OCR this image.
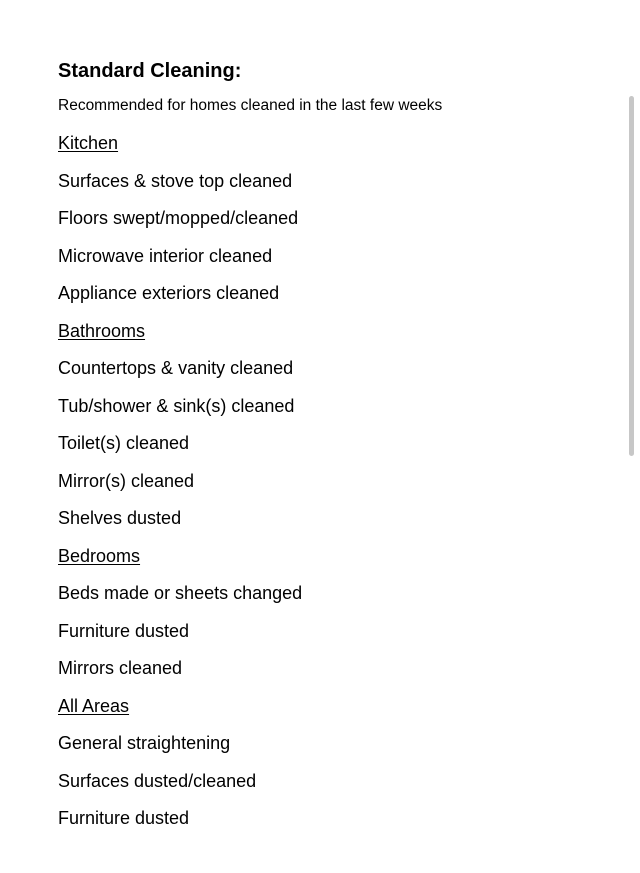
Standard Cleaning:

Recommended for homes cleaned in the last few weeks

Kitchen
Surfaces & stove top cleaned
Floors swept/mopped/cleaned
Microwave interior cleaned
Appliance exteriors cleaned
Bathrooms
Countertops & vanity cleaned
Tub/shower & sink(s) cleaned
Toilet(s) cleaned
Mirror(s) cleaned
Shelves dusted
Bedrooms
Beds made or sheets changed
Furniture dusted
Mirrors cleaned
All Areas
General straightening
Surfaces dusted/cleaned
Furniture dusted
